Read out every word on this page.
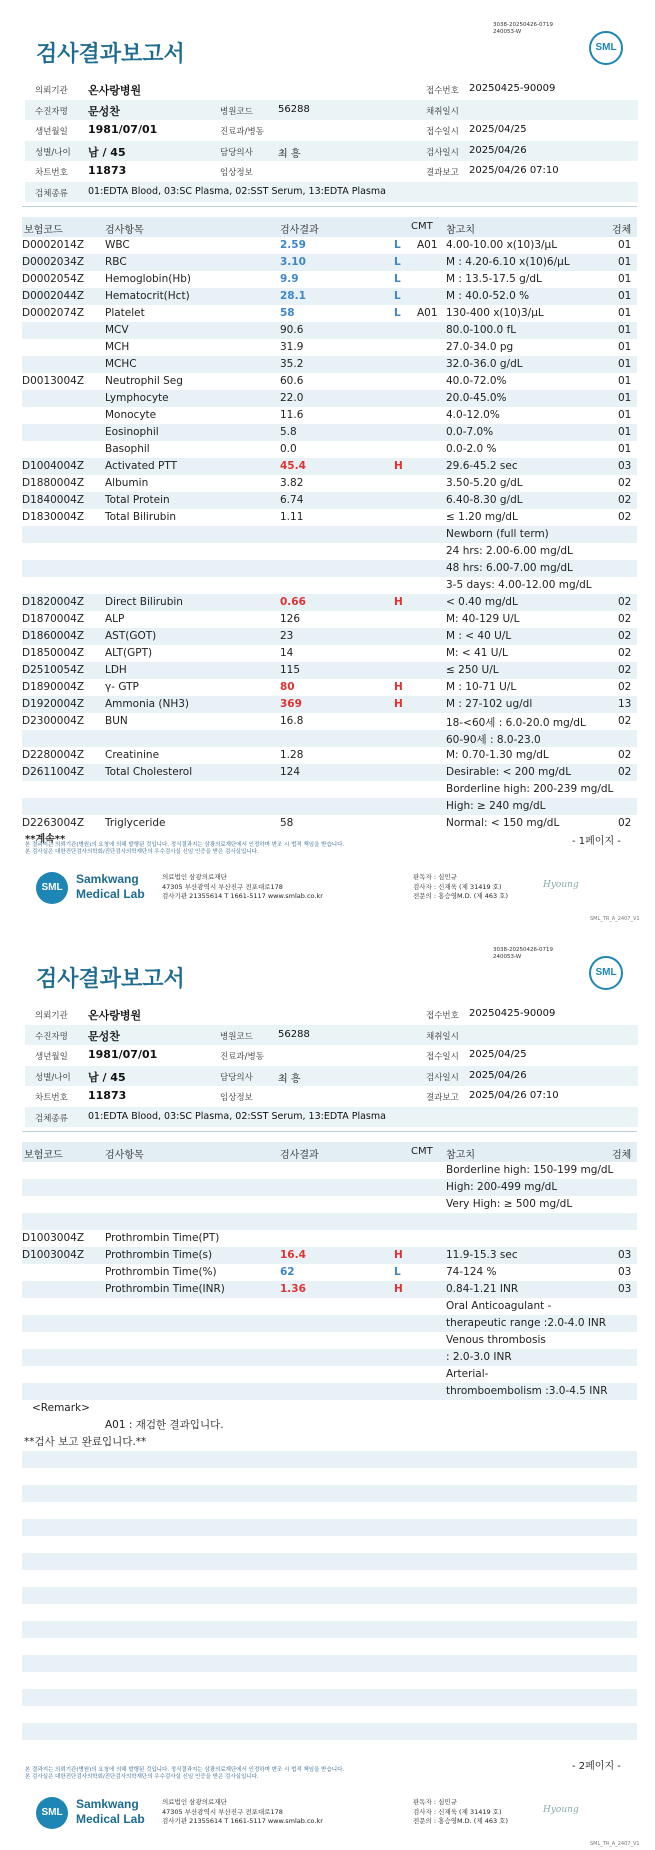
3038-20250426-0719
240053-W
검사결과보고서	SML
의뢰기관 온사랑병원	접수번호 20250425-90009
수진자명 문성찬	병원코드	56288	채취일시
생년월일 1981/07/01	진료과/병동	접수일시 2025/04/25
성별/나이 남 / 45	담당의사	최 흥	검사일시 2025/04/26
차트번호 11873	임상정보	결과보고 2025/04/26 07:10
검체종류 01:EDTA Blood, 03:SC Plasma, 02:SST Serum, 13:EDTA Plasma
보험코드	검사항목	검사결과	CMT 참고치	검체
D0002014Z WBC	2.59	L A01 4.00-10.00 x(10)3/μL	01
D0002034Z RBC	3.10	L	M : 4.20-6.10 x(10)6/μL	01
D0002054Z Hemoglobin(Hb)	9.9	L	M : 13.5-17.5 g/dL	01
D0002044Z Hematocrit(Hct)	28.1	L	M : 40.0-52.0 %	01
D0002074Z Platelet	58	L A01 130-400 x(10)3/μL	01
MCV	90.6	80.0-100.0 fL	01
MCH	31.9	27.0-34.0 pg	01
MCHC	35.2	32.0-36.0 g/dL	01
D0013004Z Neutrophil Seg	60.6	40.0-72.0%	01
Lymphocyte	22.0	20.0-45.0%	01
Monocyte	11.6	4.0-12.0%	01
Eosinophil	5.8	0.0-7.0%	01
Basophil	0.0	0.0-2.0 %	01
D1004004Z Activated PTT	45.4	H	29.6-45.2 sec	03
D1880004Z Albumin	3.82	3.50-5.20 g/dL	02
D1840004Z Total Protein	6.74	6.40-8.30 g/dL	02
D1830004Z Total Bilirubin	1.11	≤ 1.20 mg/dL	02
Newborn (full term)
24 hrs: 2.00-6.00 mg/dL
48 hrs: 6.00-7.00 mg/dL
3-5 days: 4.00-12.00 mg/dL
D1820004Z Direct Bilirubin	0.66	H	< 0.40 mg/dL	02
D1870004Z ALP	126	M: 40-129 U/L	02
D1860004Z AST(GOT)	23	M : < 40 U/L	02
D1850004Z ALT(GPT)	14	M: < 41 U/L	02
D2510054Z LDH	115	≤ 250 U/L	02
D1890004Z γ- GTP	80	H	M : 10-71 U/L	02
D1920004Z Ammonia (NH3)	369	H	M : 27-102 ug/dl	13
D2300004Z BUN	16.8	18-<60세 : 6.0-20.0 mg/dL	02
60-90세 : 8.0-23.0
D2280004Z Creatinine	1.28	M: 0.70-1.30 mg/dL	02
D2611004Z Total Cholesterol	124	Desirable: < 200 mg/dL	02
Borderline high: 200-239 mg/dL
High: ≥ 240 mg/dL
D2263004Z Triglyceride	58	Normal: < 150 mg/dL	02
**계속**	- 1페이지 -
본 결과지는 의뢰기관(병원)의 요청에 의해 발행된 것입니다. 정식결과지는 삼광의료재단에서 인정하며 변조 시 법적 책임을 받습니다.
본 검사실은 대한진단검사의학회/진단검사의학재단의 우수검사실 신임 인증을 받은 검사실입니다.
SML
Samkwang
Medical Lab
의료법인 삼광의료재단
47305 부산광역시 부산진구 전포대로178
검사기관 21355614 T 1661-5117 www.smlab.co.kr
판독자 : 심민규
검사자 : 신재욱 (제 31419 호)
전문의 : 홍승영M.D. (제 463 호)
Hyoung
SML_TR_A_2407_V1
3038-20250426-0719
240053-W
검사결과보고서	SML
의뢰기관 온사랑병원	접수번호 20250425-90009
수진자명 문성찬	병원코드	56288	채취일시
생년월일 1981/07/01	진료과/병동	접수일시 2025/04/25
성별/나이 남 / 45	담당의사	최 흥	검사일시 2025/04/26
차트번호 11873	임상정보	결과보고 2025/04/26 07:10
검체종류 01:EDTA Blood, 03:SC Plasma, 02:SST Serum, 13:EDTA Plasma
보험코드	검사항목	검사결과	CMT 참고치	검체
Borderline high: 150-199 mg/dL
High: 200-499 mg/dL
Very High: ≥ 500 mg/dL
D1003004Z Prothrombin Time(PT)
D1003004Z Prothrombin Time(s)	16.4	H	11.9-15.3 sec	03
Prothrombin Time(%)	62	L	74-124 %	03
Prothrombin Time(INR)	1.36	H	0.84-1.21 INR	03
Oral Anticoagulant -
therapeutic range :2.0-4.0 INR
Venous thrombosis
: 2.0-3.0 INR
Arterial-
thromboembolism :3.0-4.5 INR
<Remark>
A01 : 재검한 결과입니다.
**검사 보고 완료입니다.**
- 2페이지 -
본 결과지는 의뢰기관(병원)의 요청에 의해 발행된 것입니다. 정식결과지는 삼광의료재단에서 인정하며 변조 시 법적 책임을 받습니다.
본 검사실은 대한진단검사의학회/진단검사의학재단의 우수검사실 신임 인증을 받은 검사실입니다.
SML
Samkwang
Medical Lab
의료법인 삼광의료재단
47305 부산광역시 부산진구 전포대로178
검사기관 21355614 T 1661-5117 www.smlab.co.kr
판독자 : 심민규
검사자 : 신재욱 (제 31419 호)
전문의 : 홍승영M.D. (제 463 호)
Hyoung
SML_TR_A_2407_V1
